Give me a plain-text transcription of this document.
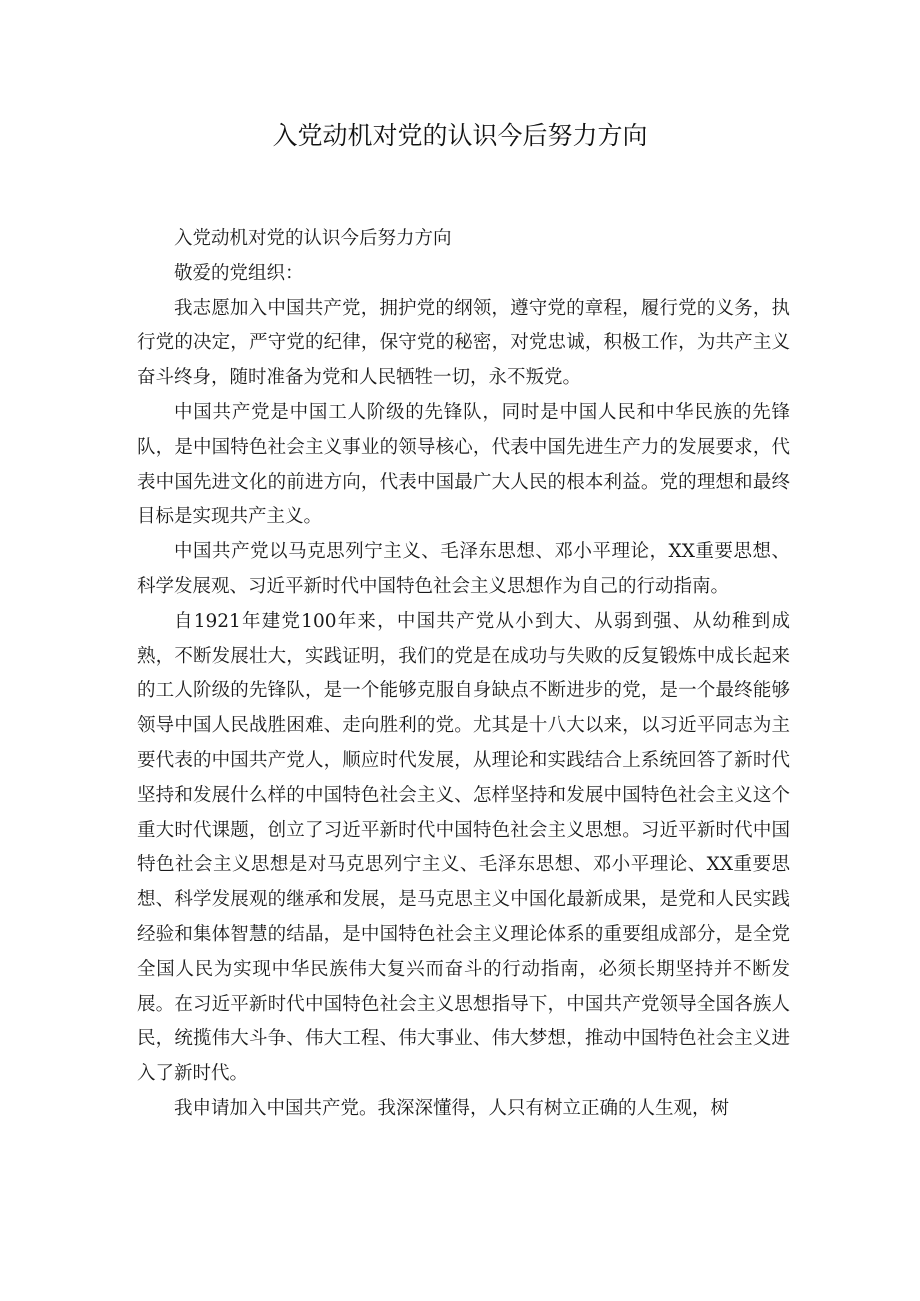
入党动机对党的认识今后努力方向

入党动机对党的认识今后努力方向

敬爱的党组织：

我志愿加入中国共产党，拥护党的纲领，遵守党的章程，履行党的义务，执行党的决定，严守党的纪律，保守党的秘密，对党忠诚，积极工作，为共产主义奋斗终身，随时准备为党和人民牺牲一切，永不叛党。

中国共产党是中国工人阶级的先锋队，同时是中国人民和中华民族的先锋队，是中国特色社会主义事业的领导核心，代表中国先进生产力的发展要求，代表中国先进文化的前进方向，代表中国最广大人民的根本利益。党的理想和最终目标是实现共产主义。

中国共产党以马克思列宁主义、毛泽东思想、邓小平理论，XX重要思想、科学发展观、习近平新时代中国特色社会主义思想作为自己的行动指南。

自1921年建党100年来，中国共产党从小到大、从弱到强、从幼稚到成熟，不断发展壮大，实践证明，我们的党是在成功与失败的反复锻炼中成长起来的工人阶级的先锋队，是一个能够克服自身缺点不断进步的党，是一个最终能够领导中国人民战胜困难、走向胜利的党。尤其是十八大以来，以习近平同志为主要代表的中国共产党人，顺应时代发展，从理论和实践结合上系统回答了新时代坚持和发展什么样的中国特色社会主义、怎样坚持和发展中国特色社会主义这个重大时代课题，创立了习近平新时代中国特色社会主义思想。习近平新时代中国特色社会主义思想是对马克思列宁主义、毛泽东思想、邓小平理论、XX重要思想、科学发展观的继承和发展，是马克思主义中国化最新成果，是党和人民实践经验和集体智慧的结晶，是中国特色社会主义理论体系的重要组成部分，是全党全国人民为实现中华民族伟大复兴而奋斗的行动指南，必须长期坚持并不断发展。在习近平新时代中国特色社会主义思想指导下，中国共产党领导全国各族人民，统揽伟大斗争、伟大工程、伟大事业、伟大梦想，推动中国特色社会主义进入了新时代。

我申请加入中国共产党。我深深懂得，人只有树立正确的人生观，树
